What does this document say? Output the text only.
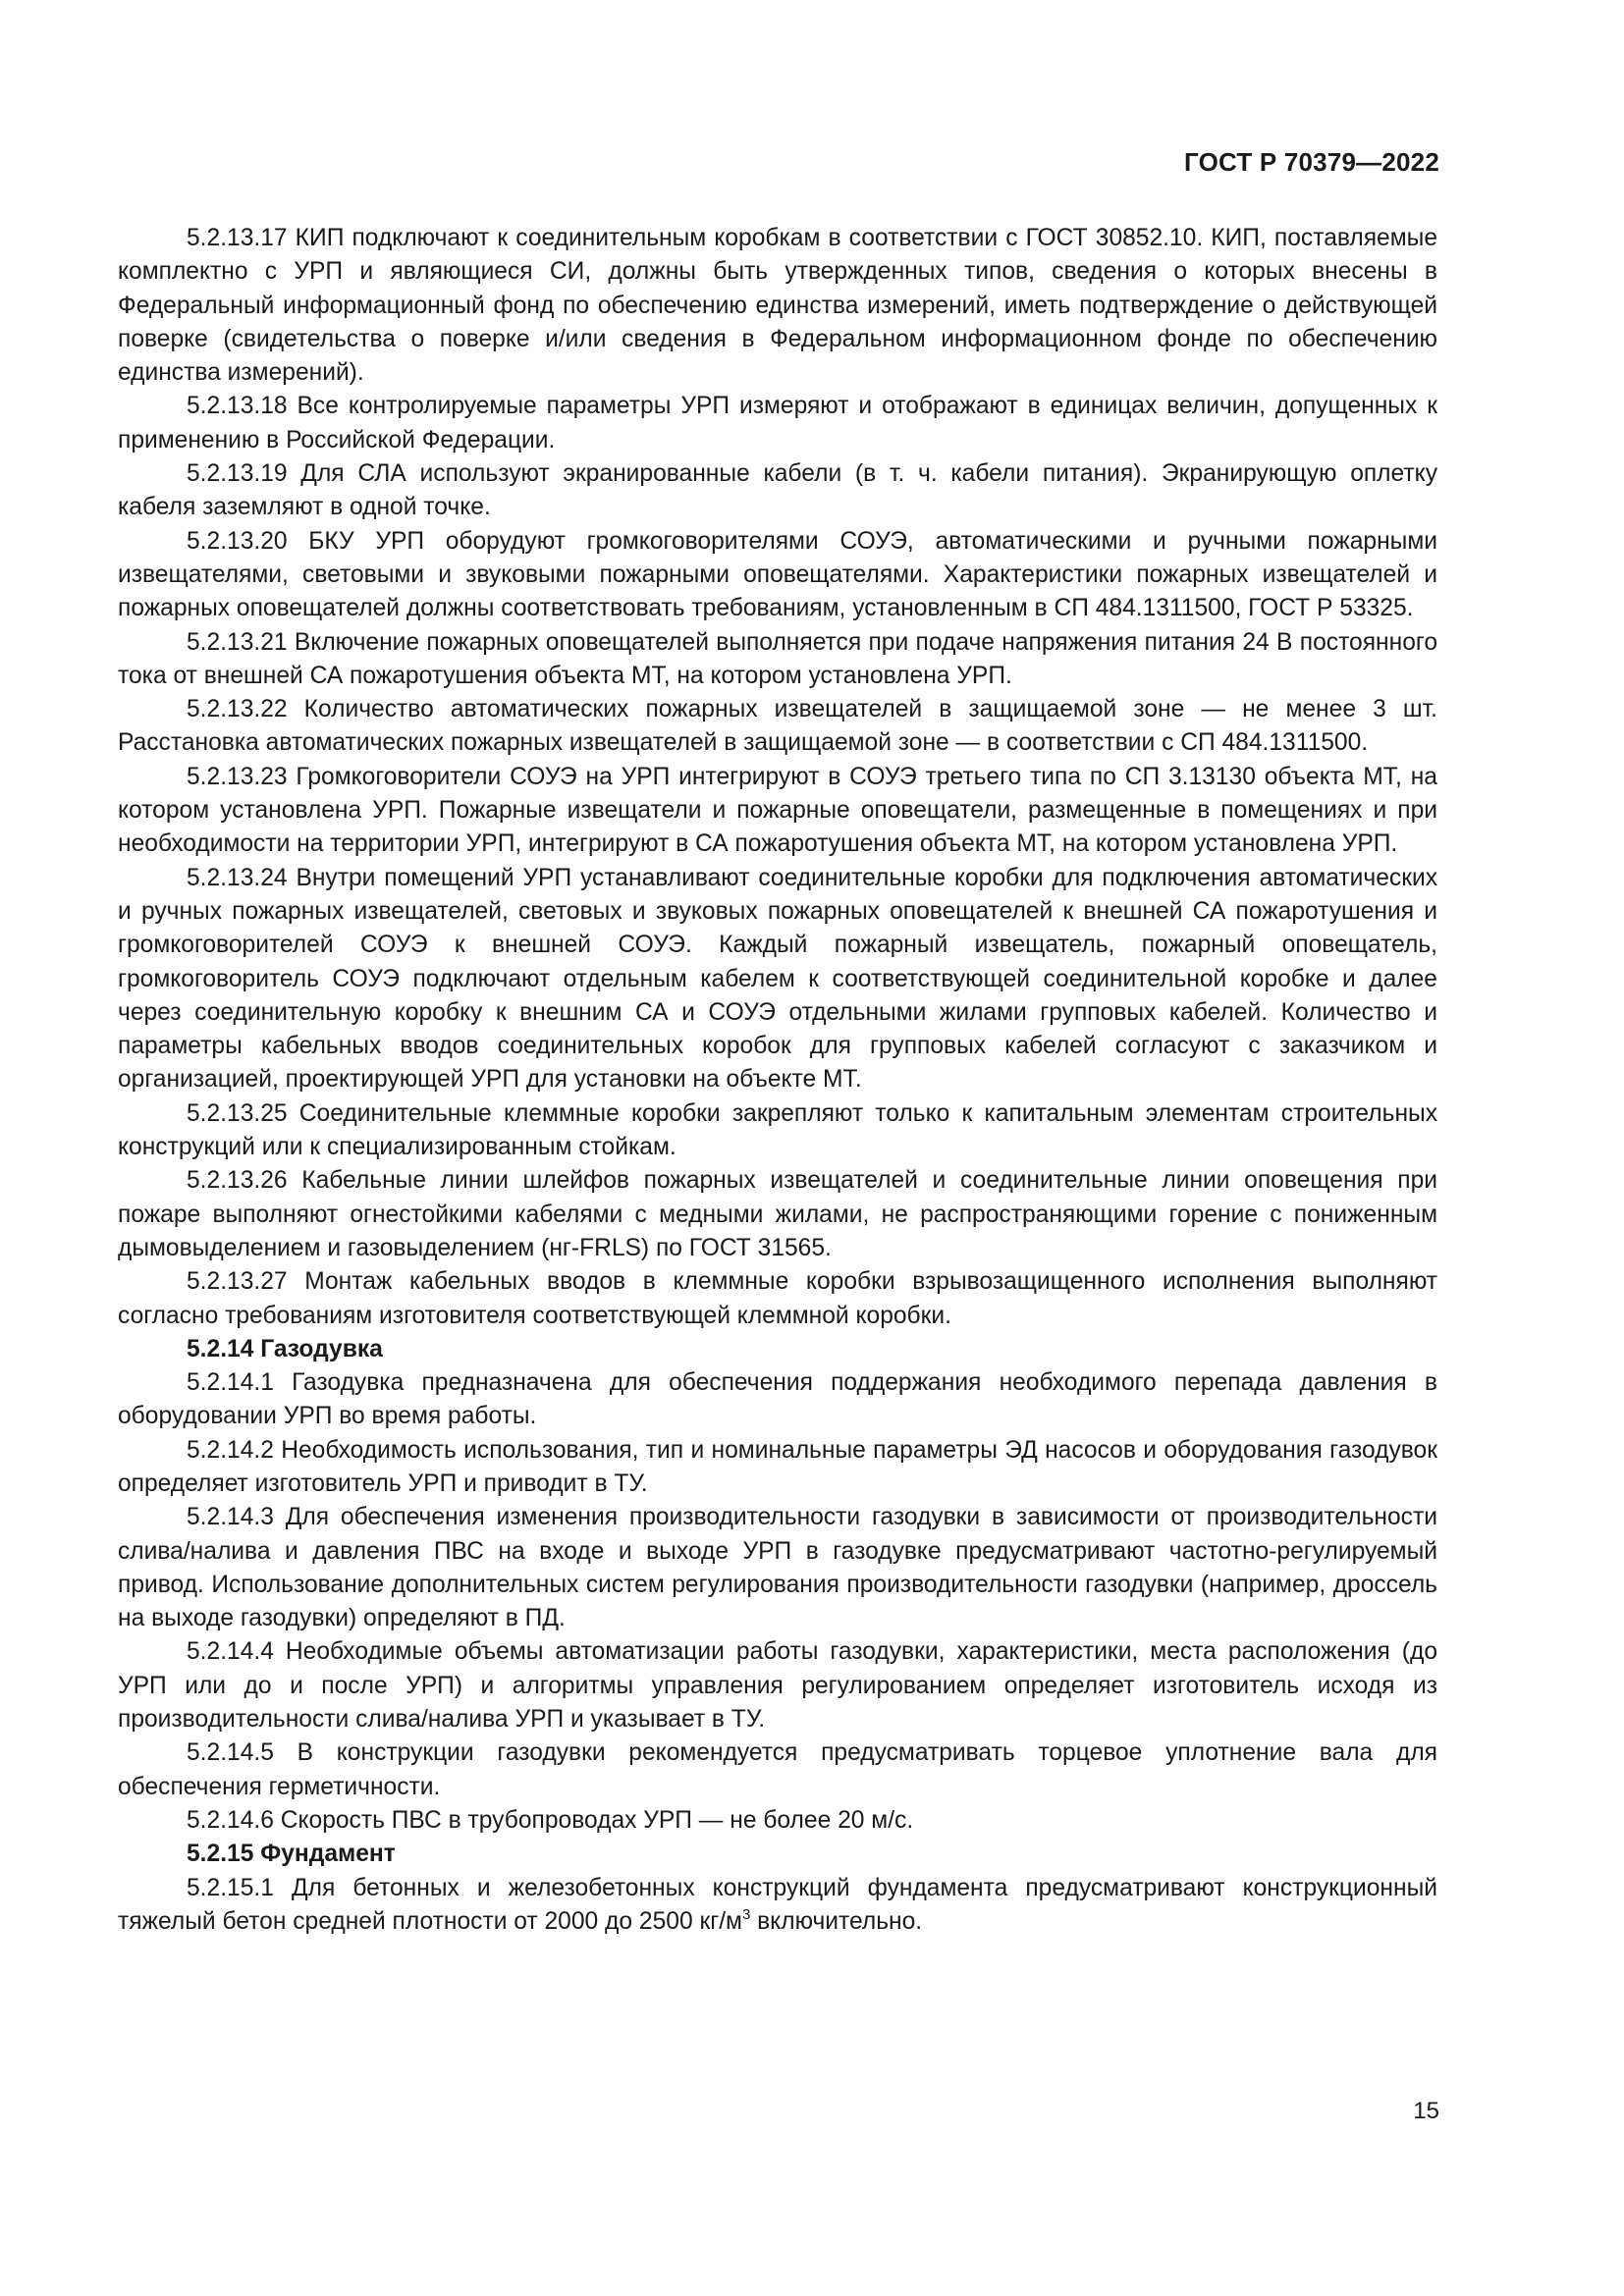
ГОСТ Р 70379—2022

5.2.13.17 КИП подключают к соединительным коробкам в соответствии с ГОСТ 30852.10. КИП, поставляемые комплектно с УРП и являющиеся СИ, должны быть утвержденных типов, сведения о которых внесены в Федеральный информационный фонд по обеспечению единства измерений, иметь подтверждение о действующей поверке (свидетельства о поверке и/или сведения в Федеральном информационном фонде по обеспечению единства измерений).

5.2.13.18 Все контролируемые параметры УРП измеряют и отображают в единицах величин, допущенных к применению в Российской Федерации.

5.2.13.19 Для СЛА используют экранированные кабели (в т. ч. кабели питания). Экранирующую оплетку кабеля заземляют в одной точке.

5.2.13.20 БКУ УРП оборудуют громкоговорителями СОУЭ, автоматическими и ручными пожарными извещателями, световыми и звуковыми пожарными оповещателями. Характеристики пожарных извещателей и пожарных оповещателей должны соответствовать требованиям, установленным в СП 484.1311500, ГОСТ Р 53325.

5.2.13.21 Включение пожарных оповещателей выполняется при подаче напряжения питания 24 В постоянного тока от внешней СА пожаротушения объекта МТ, на котором установлена УРП.

5.2.13.22 Количество автоматических пожарных извещателей в защищаемой зоне — не менее 3 шт. Расстановка автоматических пожарных извещателей в защищаемой зоне — в соответствии с СП 484.1311500.

5.2.13.23 Громкоговорители СОУЭ на УРП интегрируют в СОУЭ третьего типа по СП 3.13130 объекта МТ, на котором установлена УРП. Пожарные извещатели и пожарные оповещатели, размещенные в помещениях и при необходимости на территории УРП, интегрируют в СА пожаротушения объекта МТ, на котором установлена УРП.

5.2.13.24 Внутри помещений УРП устанавливают соединительные коробки для подключения автоматических и ручных пожарных извещателей, световых и звуковых пожарных оповещателей к внешней СА пожаротушения и громкоговорителей СОУЭ к внешней СОУЭ. Каждый пожарный извещатель, пожарный оповещатель, громкоговоритель СОУЭ подключают отдельным кабелем к соответствующей соединительной коробке и далее через соединительную коробку к внешним СА и СОУЭ отдельными жилами групповых кабелей. Количество и параметры кабельных вводов соединительных коробок для групповых кабелей согласуют с заказчиком и организацией, проектирующей УРП для установки на объекте МТ.

5.2.13.25 Соединительные клеммные коробки закрепляют только к капитальным элементам строительных конструкций или к специализированным стойкам.

5.2.13.26 Кабельные линии шлейфов пожарных извещателей и соединительные линии оповещения при пожаре выполняют огнестойкими кабелями с медными жилами, не распространяющими горение с пониженным дымовыделением и газовыделением (нг-FRLS) по ГОСТ 31565.

5.2.13.27 Монтаж кабельных вводов в клеммные коробки взрывозащищенного исполнения выполняют согласно требованиям изготовителя соответствующей клеммной коробки.

5.2.14 Газодувка

5.2.14.1 Газодувка предназначена для обеспечения поддержания необходимого перепада давления в оборудовании УРП во время работы.

5.2.14.2 Необходимость использования, тип и номинальные параметры ЭД насосов и оборудования газодувок определяет изготовитель УРП и приводит в ТУ.

5.2.14.3 Для обеспечения изменения производительности газодувки в зависимости от производительности слива/налива и давления ПВС на входе и выходе УРП в газодувке предусматривают частотно-регулируемый привод. Использование дополнительных систем регулирования производительности газодувки (например, дроссель на выходе газодувки) определяют в ПД.

5.2.14.4 Необходимые объемы автоматизации работы газодувки, характеристики, места расположения (до УРП или до и после УРП) и алгоритмы управления регулированием определяет изготовитель исходя из производительности слива/налива УРП и указывает в ТУ.

5.2.14.5 В конструкции газодувки рекомендуется предусматривать торцевое уплотнение вала для обеспечения герметичности.

5.2.14.6 Скорость ПВС в трубопроводах УРП — не более 20 м/с.

5.2.15 Фундамент

5.2.15.1 Для бетонных и железобетонных конструкций фундамента предусматривают конструкционный тяжелый бетон средней плотности от 2000 до 2500 $кг/м^3$ включительно.

15
